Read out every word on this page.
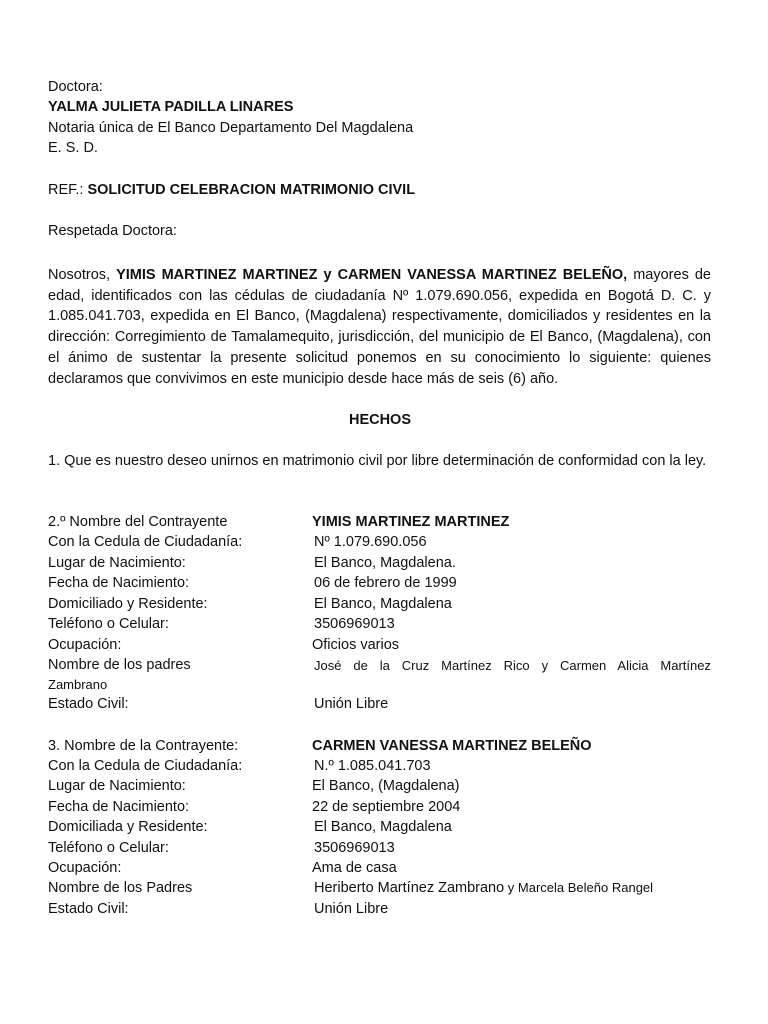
Doctora:
YALMA JULIETA PADILLA LINARES
Notaria única de El Banco Departamento Del Magdalena
E. S. D.
REF.: SOLICITUD CELEBRACION MATRIMONIO CIVIL
Respetada Doctora:
Nosotros, YIMIS MARTINEZ MARTINEZ y CARMEN VANESSA MARTINEZ BELEÑO, mayores de edad, identificados con las cédulas de ciudadanía Nº 1.079.690.056, expedida en Bogotá D. C. y 1.085.041.703, expedida en El Banco, (Magdalena) respectivamente, domiciliados y residentes en la dirección: Corregimiento de Tamalamequito, jurisdicción, del municipio de El Banco, (Magdalena), con el ánimo de sustentar la presente solicitud ponemos en su conocimiento lo siguiente: quienes declaramos que convivimos en este municipio desde hace más de seis (6) año.
HECHOS
1. Que es nuestro deseo unirnos en matrimonio civil por libre determinación de conformidad con la ley.
2.º Nombre del Contrayente	YIMIS MARTINEZ MARTINEZ
Con la Cedula de Ciudadanía:	Nº 1.079.690.056
Lugar de Nacimiento:	El Banco, Magdalena.
Fecha de Nacimiento:	06 de febrero de 1999
Domiciliado y Residente:	El Banco, Magdalena
Teléfono o Celular:	3506969013
Ocupación:	Oficios varios
Nombre de los padres	José de la Cruz Martínez Rico y Carmen Alicia Martínez
Zambrano
Estado Civil:	Unión Libre
3. Nombre de la Contrayente:	CARMEN VANESSA MARTINEZ BELEÑO
Con la Cedula de Ciudadanía:	N.º 1.085.041.703
Lugar de Nacimiento:	El Banco, (Magdalena)
Fecha de Nacimiento:	22 de septiembre 2004
Domiciliada y Residente:	El Banco, Magdalena
Teléfono o Celular:	3506969013
Ocupación:	Ama de casa
Nombre de los Padres	Heriberto Martínez Zambrano y Marcela Beleño Rangel
Estado Civil:	Unión Libre
